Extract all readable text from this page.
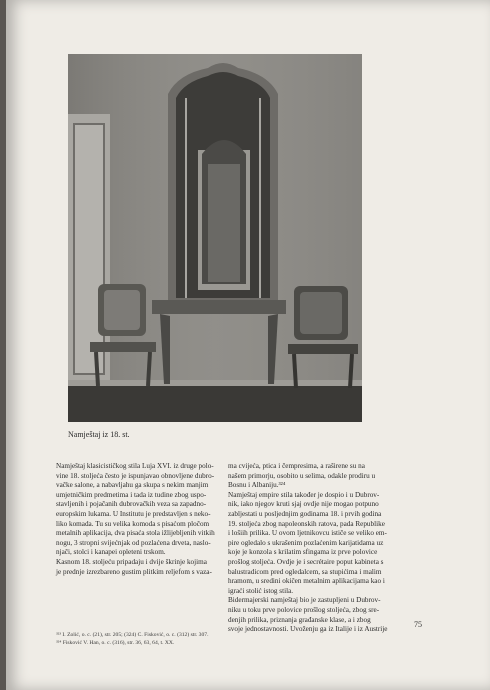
Namještaj iz 18. st.

Namještaj klasicističkog stila Luja XVI. iz druge polo-

vine 18. stoljeća često je ispunjavao obnovljene dubro-

vačke salone, a nabavljahu ga skupa s nekim manjim

umjetničkim predmetima i tada iz tudine zbog uspo-

stavljenih i pojačanih dubrovačkih veza sa zapadno-

europskim lukama. U Institutu je predstavljen s neko-

liko komada. Tu su velika komoda s pisaćom pločom

metalnih aplikacija, dva pisaća stola ižlijebljenih vitkih

nogu, 3 stropni svijećnjak od pozlaćena drveta, naslo-

njači, stolci i kanapei opleteni trskom.

Kasnom 18. stoljeću pripadaju i dvije škrinje kojima

je prednje izrezbareno gustim plitkim reljefom s vaza-

ma cvijeća, ptica i čempresima, a raširene su na

našem primorju, osobito u selima, odakle prodiru u

Bosnu i Albaniju.³²⁴

Namještaj empire stila također je dospio i u Dubrov-

nik, iako njegov kruti sjaj ovdje nije mogao potpuno

zabljestati u posljednjim godinama 18. i prvih godina

19. stoljeća zbog napoleonskih ratova, pada Republike

i lošiih prilika. U ovom ljetnikovcu ističe se veliko em-

pire ogledalo s ukrašenim pozlaćenim karijatidama uz

koje je konzola s krilatim sfingama iz prve polovice

prošlog stoljeća. Ovdje je i secrétaire poput kabineta s

balustradicom pred ogledalcem, sa stupićima i malim

hramom, u sredini okičen metalnim aplikacijama kao i

igraći stolić istog stila.

Bidermajerski namještaj bio je zastupljeni u Dubrov-

niku u toku prve polovice prošlog stoljeća, zbog sre-

denjih prilika, priznanja građanske klase, a i zbog

svoje jednostavnosti. Uvoženju ga iz Italije i iz Austrije

³²³ I. Zolić, o. c. (21), str. 205; (324) C. Fisković, o. c. (312) str. 307.

³²⁴ Fisković V. Han, o. c. (316), str. 36, 63, 64, t. XX.

75
